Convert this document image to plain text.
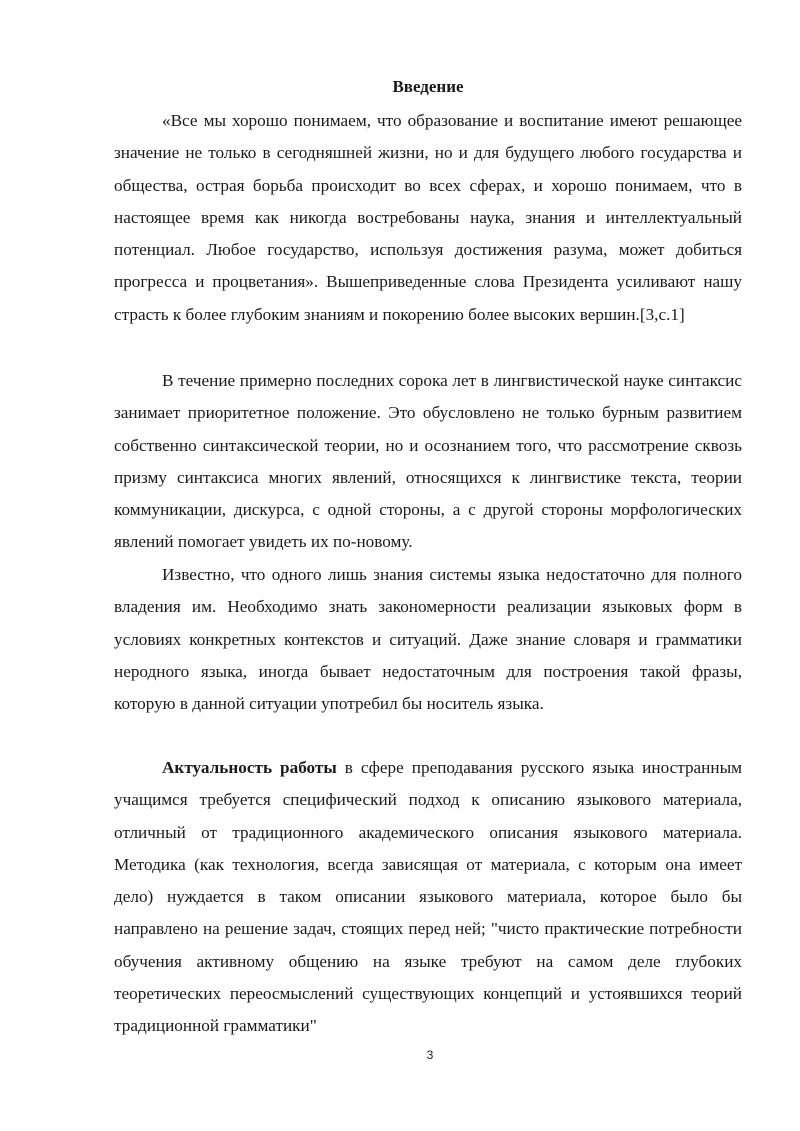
Введение

«Все мы хорошо понимаем, что образование и воспитание имеют решающее значение не только в сегодняшней жизни, но и для будущего любого государства и общества, острая борьба происходит во всех сферах, и хорошо понимаем, что в настоящее время как никогда востребованы наука, знания и интеллектуальный потенциал. Любое государство, используя достижения разума, может добиться прогресса и процветания». Вышеприведенные слова Президента усиливают нашу страсть к более глубоким знаниям и покорению более высоких вершин.[3,с.1]

В течение примерно последних сорока лет в лингвистической науке синтаксис занимает приоритетное положение. Это обусловлено не только бурным развитием собственно синтаксической теории, но и осознанием того, что рассмотрение сквозь призму синтаксиса многих явлений, относящихся к лингвистике текста, теории коммуникации, дискурса, с одной стороны, а с другой стороны морфологических явлений помогает увидеть их по-новому.

Известно, что одного лишь знания системы языка недостаточно для полного владения им. Необходимо знать закономерности реализации языковых форм в условиях конкретных контекстов и ситуаций. Даже знание словаря и грамматики неродного языка, иногда бывает недостаточным для построения такой фразы, которую в данной ситуации употребил бы носитель языка.

Актуальность работы в сфере преподавания русского языка иностранным учащимся требуется специфический подход к описанию языкового материала, отличный от традиционного академического описания языкового материала. Методика (как технология, всегда зависящая от материала, с которым она имеет дело) нуждается в таком описании языкового материала, которое было бы направлено на решение задач, стоящих перед ней; "чисто практические потребности обучения активному общению на языке требуют на самом деле глубоких теоретических переосмыслений существующих концепций и устоявшихся теорий традиционной грамматики"

3
